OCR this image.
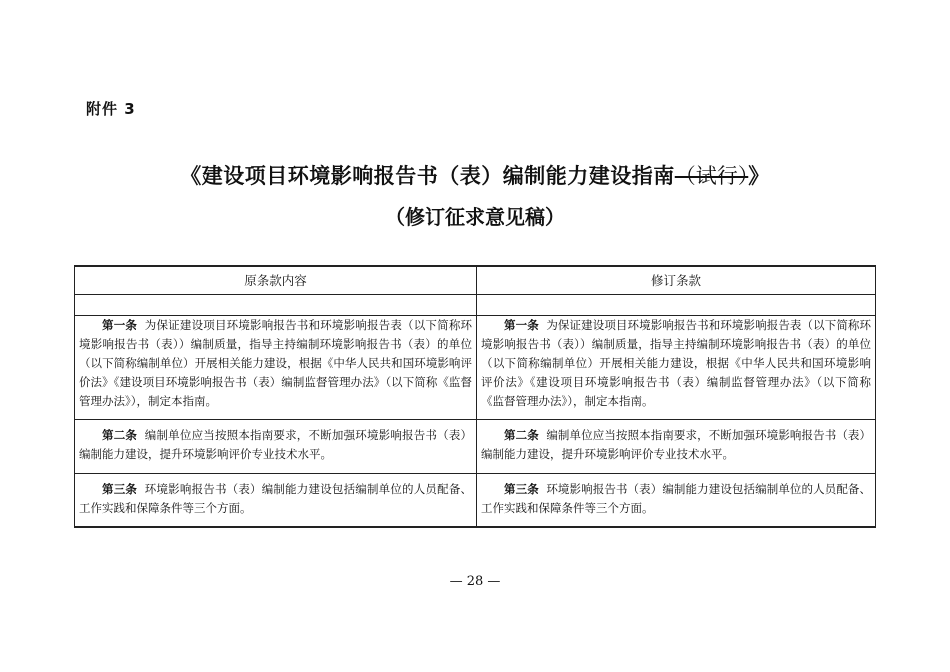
附件 3
《建设项目环境影响报告书（表）编制能力建设指南（试行）》
（修订征求意见稿）
原条款内容	修订条款

第一条 为保证建设项目环境影响报告书和环境影响报告表（以下简称环境影响报告书（表））编制质量，指导主持编制环境影响报告书（表）的单位（以下简称编制单位）开展相关能力建设，根据《中华人民共和国环境影响评价法》《建设项目环境影响报告书（表）编制监督管理办法》（以下简称《监督管理办法》），制定本指南。	第一条 为保证建设项目环境影响报告书和环境影响报告表（以下简称环境影响报告书（表））编制质量，指导主持编制环境影响报告书（表）的单位（以下简称编制单位）开展相关能力建设，根据《中华人民共和国环境影响评价法》《建设项目环境影响报告书（表）编制监督管理办法》（以下简称《监督管理办法》），制定本指南。

第二条 编制单位应当按照本指南要求，不断加强环境影响报告书（表）编制能力建设，提升环境影响评价专业技术水平。	第二条 编制单位应当按照本指南要求，不断加强环境影响报告书（表）编制能力建设，提升环境影响评价专业技术水平。

第三条 环境影响报告书（表）编制能力建设包括编制单位的人员配备、工作实践和保障条件等三个方面。	第三条 环境影响报告书（表）编制能力建设包括编制单位的人员配备、工作实践和保障条件等三个方面。
— 28 —
